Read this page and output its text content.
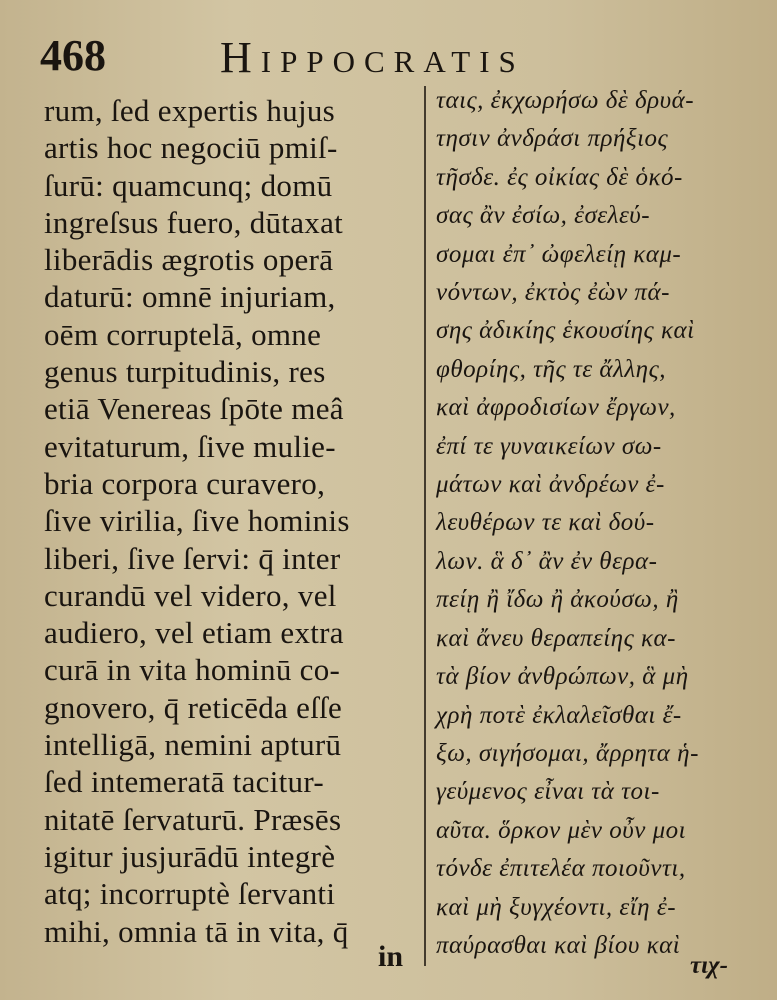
468	Hippocratis
rum, ſed expertis hujus
artis hoc negociū pmiſ-
ſurū: quamcunq; domū
ingreſsus fuero, dūtaxat
liberādis ægrotis operā
daturū: omnē injuriam,
oēm corruptelā, omne
genus turpitudinis, res
etiā Venereas ſpōte meâ
evitaturum, ſive mulie-
bria corpora curavero,
ſive virilia, ſive hominis
liberi, ſive ſervi: q̄ inter
curandū vel videro, vel
audiero, vel etiam extra
curā in vita hominū co-
gnovero, q̄ reticēda eſſe
intelligā, nemini apturū
ſed intemeratā tacitur-
nitatē ſervaturū. Præsēs
igitur jusjurādū integrè
atq; incorruptè ſervanti
mihi, omnia tā in vita, q̄
ταις, ἐκχωρήσω δὲ δρυά-
τησιν ἀνδράσι πρήξιος
τῆσδε. ἐς οἰκίας δὲ ὁκό-
σας ἂν ἐσίω, ἐσελεύ-
σομαι ἐπ᾽ ὠφελείῃ καμ-
νόντων, ἐκτὸς ἐὼν πά-
σης ἀδικίης ἑκουσίης καὶ
φθορίης, τῆς τε ἄλλης,
καὶ ἀφροδισίων ἔργων,
ἐπί τε γυναικείων σω-
μάτων καὶ ἀνδρέων ἐ-
λευθέρων τε καὶ δού-
λων. ἃ δ᾽ ἂν ἐν θερα-
πείῃ ἢ ἴδω ἢ ἀκούσω, ἢ
καὶ ἄνευ θεραπείης κα-
τὰ βίον ἀνθρώπων, ἃ μὴ
χρὴ ποτὲ ἐκλαλεῖσθαι ἔ-
ξω, σιγήσομαι, ἄρρητα ἡ-
γεύμενος εἶναι τὰ τοι-
αῦτα. ὅρκον μὲν οὖν μοι
τόνδε ἐπιτελέα ποιοῦντι,
καὶ μὴ ξυγχέοντι, εἴη ἐ-
παύρασθαι καὶ βίου καὶ
in	τιχ-
